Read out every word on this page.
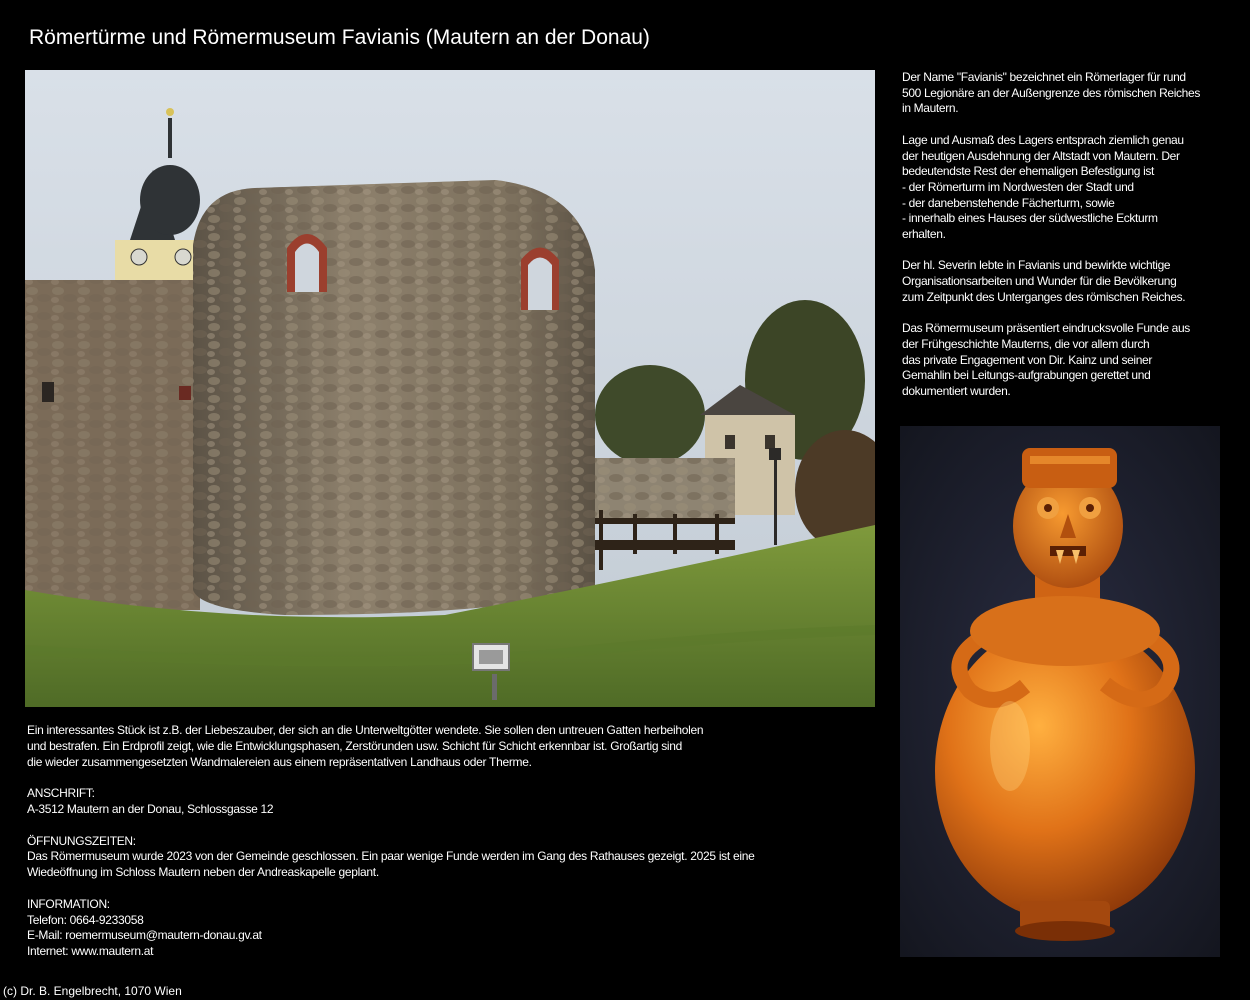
Römertürme und Römermuseum Favianis (Mautern an der Donau)

Der Name "Favianis" bezeichnet ein Römerlager für rund
500 Legionäre an der Außengrenze des römischen Reiches
in Mautern.

Lage und Ausmaß des Lagers entsprach ziemlich genau
der heutigen Ausdehnung der Altstadt von Mautern. Der
bedeutendste Rest der ehemaligen Befestigung ist
- der Römerturm im Nordwesten der Stadt und
- der danebenstehende Fächerturm, sowie
- innerhalb eines Hauses der südwestliche Eckturm
erhalten.

Der hl. Severin lebte in Favianis und bewirkte wichtige
Organisationsarbeiten und Wunder für die Bevölkerung
zum Zeitpunkt des Unterganges des römischen Reiches.

Das Römermuseum präsentiert eindrucksvolle Funde aus
der Frühgeschichte Mauterns, die vor allem durch
das private Engagement von Dir. Kainz und seiner
Gemahlin bei Leitungs-aufgrabungen gerettet und
dokumentiert wurden.

Ein interessantes Stück ist z.B. der Liebeszauber, der sich an die Unterweltgötter wendete. Sie sollen den untreuen Gatten herbeiholen
und bestrafen. Ein Erdprofil zeigt, wie die Entwicklungsphasen, Zerstörunden usw. Schicht für Schicht erkennbar ist. Großartig sind
die wieder zusammengesetzten Wandmalereien aus einem repräsentativen Landhaus oder Therme.
ANSCHRIFT:
A-3512 Mautern an der Donau, Schlossgasse 12
ÖFFNUNGSZEITEN:
Das Römermuseum wurde 2023 von der Gemeinde geschlossen. Ein paar wenige Funde werden im Gang des Rathauses gezeigt. 2025 ist eine
Wiedeöffnung im Schloss Mautern neben der Andreaskapelle geplant.
INFORMATION:
Telefon: 0664-9233058
E-Mail: roemermuseum@mautern-donau.gv.at
Internet: www.mautern.at
(c) Dr. B. Engelbrecht, 1070 Wien
